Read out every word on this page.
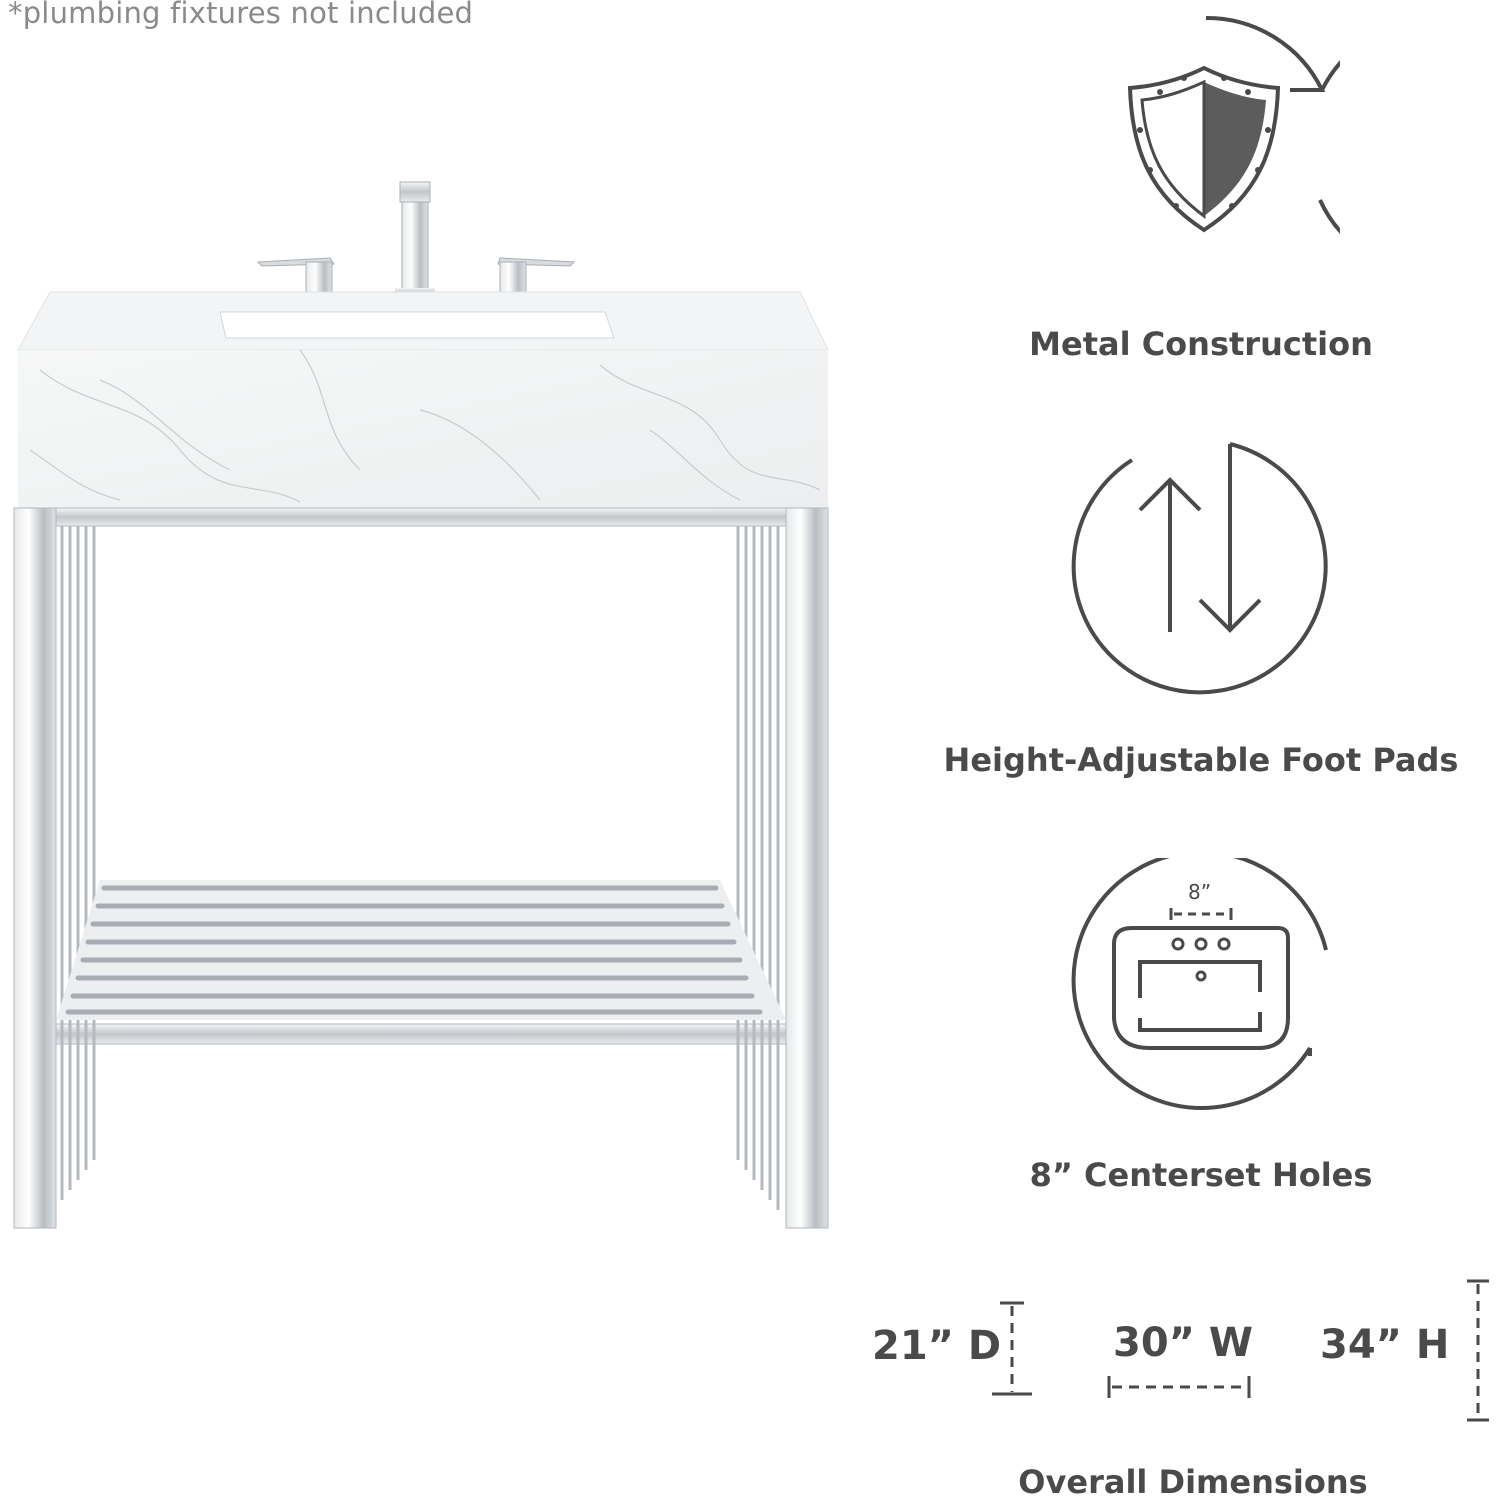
*plumbing fixtures not included
Metal Construction
Height-Adjustable Foot Pads
8”
8” Centerset Holes
21” D	30” W 34” H
Overall Dimensions
